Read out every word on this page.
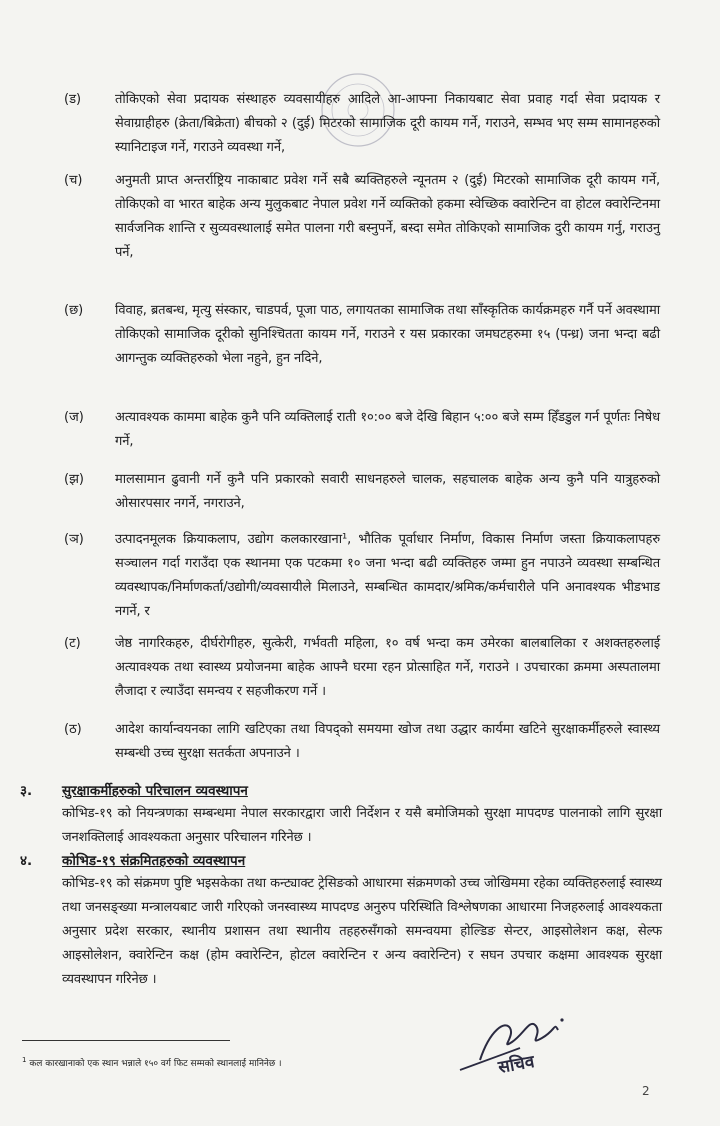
(ड)	तोकिएको सेवा प्रदायक संस्थाहरु व्यवसायीहरु आदिले आ-आफ्ना निकायबाट सेवा प्रवाह गर्दा सेवा प्रदायक र सेवाग्राहीहरु (क्रेता/बिक्रेता) बीचको २ (दुई) मिटरको सामाजिक दूरी कायम गर्ने, गराउने, सम्भव भए सम्म सामानहरुको स्यानिटाइज गर्ने, गराउने व्यवस्था गर्ने,
(च)	अनुमती प्राप्त अन्तर्राष्ट्रिय नाकाबाट प्रवेश गर्ने सबै ब्यक्तिहरुले न्यूनतम २ (दुई) मिटरको सामाजिक दूरी कायम गर्ने, तोकिएको वा भारत बाहेक अन्य मुलुकबाट नेपाल प्रवेश गर्ने व्यक्तिको हकमा स्वेच्छिक क्वारेन्टिन वा होटल क्वारेन्टिनमा सार्वजनिक शान्ति र सुव्यवस्थालाई समेत पालना गरी बस्नुपर्ने, बस्दा समेत तोकिएको सामाजिक दुरी कायम गर्नु, गराउनु पर्ने,
(छ) विवाह, ब्रतबन्ध, मृत्यु संस्कार, चाडपर्व, पूजा पाठ, लगायतका सामाजिक तथा साँस्कृतिक कार्यक्रमहरु गर्नै पर्ने अवस्थामा तोकिएको सामाजिक दूरीको सुनिश्चितता कायम गर्ने, गराउने र यस प्रकारका जमघटहरुमा १५ (पन्ध्र) जना भन्दा बढी आगन्तुक व्यक्तिहरुको भेला नहुने, हुन नदिने,
(ज) अत्यावश्यक काममा बाहेक कुनै पनि व्यक्तिलाई राती १०:०० बजे देखि बिहान ५:०० बजे सम्म हिँडडुल गर्न पूर्णतः निषेध गर्ने,
(झ) मालसामान ढुवानी गर्ने कुनै पनि प्रकारको सवारी साधनहरुले चालक, सहचालक बाहेक अन्य कुनै पनि यात्रुहरुको ओसारपसार नगर्ने, नगराउने,
(ञ) उत्पादनमूलक क्रियाकलाप, उद्योग कलकारखाना¹, भौतिक पूर्वाधार निर्माण, विकास निर्माण जस्ता क्रियाकलापहरु सञ्चालन गर्दा गराउँदा एक स्थानमा एक पटकमा १० जना भन्दा बढी व्यक्तिहरु जम्मा हुन नपाउने व्यवस्था सम्बन्धित व्यवस्थापक/निर्माणकर्ता/उद्योगी/व्यवसायीले मिलाउने, सम्बन्धित कामदार/श्रमिक/कर्मचारीले पनि अनावश्यक भीडभाड नगर्ने, र
(ट)	जेष्ठ नागरिकहरु, दीर्घरोगीहरु, सुत्केरी, गर्भवती महिला, १० वर्ष भन्दा कम उमेरका बालबालिका र अशक्तहरुलाई अत्यावश्यक तथा स्वास्थ्य प्रयोजनमा बाहेक आफ्नै घरमा रहन प्रोत्साहित गर्ने, गराउने । उपचारका क्रममा अस्पतालमा लैजादा र ल्याउँदा समन्वय र सहजीकरण गर्ने ।
(ठ)	आदेश कार्यान्वयनका लागि खटिएका तथा विपद्को समयमा खोज तथा उद्धार कार्यमा खटिने सुरक्षाकर्मीहरुले स्वास्थ्य सम्बन्धी उच्च सुरक्षा सतर्कता अपनाउने ।
३. सुरक्षाकर्मीहरुको परिचालन व्यवस्थापन
कोभिड-१९ को नियन्त्रणका सम्बन्धमा नेपाल सरकारद्वारा जारी निर्देशन र यसै बमोजिमको सुरक्षा मापदण्ड पालनाको लागि सुरक्षा जनशक्तिलाई आवश्यकता अनुसार परिचालन गरिनेछ ।
४. कोभिड-१९ संक्रमितहरुको व्यवस्थापन
कोभिड-१९ को संक्रमण पुष्टि भइसकेका तथा कन्ट्याक्ट ट्रेसिङको आधारमा संक्रमणको उच्च जोखिममा रहेका व्यक्तिहरुलाई स्वास्थ्य तथा जनसङ्ख्या मन्त्रालयबाट जारी गरिएको जनस्वास्थ्य मापदण्ड अनुरुप परिस्थिति विश्लेषणका आधारमा निजहरुलाई आवश्यकता अनुसार प्रदेश सरकार, स्थानीय प्रशासन तथा स्थानीय तहहरुसँगको समन्वयमा होल्डिङ सेन्टर, आइसोलेशन कक्ष, सेल्फ आइसोलेशन, क्वारेन्टिन कक्ष (होम क्वारेन्टिन, होटल क्वारेन्टिन र अन्य क्वारेन्टिन) र सघन उपचार कक्षमा आवश्यक सुरक्षा व्यवस्थापन गरिनेछ ।
सचिव
$^1$ कल कारखानाको एक स्थान भन्नाले १५० वर्ग फिट सम्मको स्थानलाई मानिनेछ ।
2
